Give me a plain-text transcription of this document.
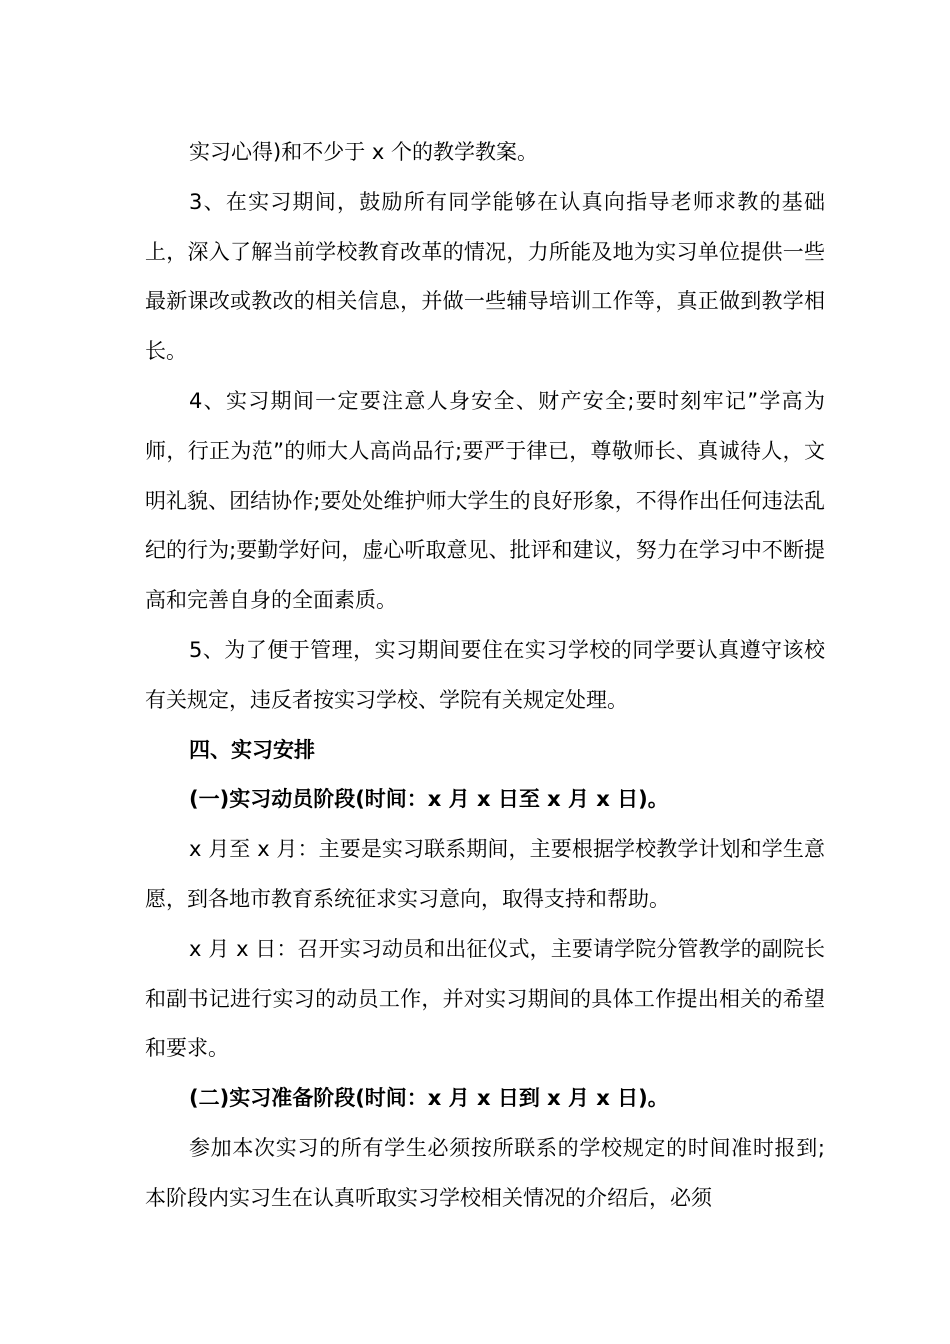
实习心得)和不少于 x 个的教学教案。

3、在实习期间，鼓励所有同学能够在认真向指导老师求教的基础上，深入了解当前学校教育改革的情况，力所能及地为实习单位提供一些最新课改或教改的相关信息，并做一些辅导培训工作等，真正做到教学相长。

4、实习期间一定要注意人身安全、财产安全;要时刻牢记”学高为师，行正为范”的师大人高尚品行;要严于律已，尊敬师长、真诚待人，文明礼貌、团结协作;要处处维护师大学生的良好形象，不得作出任何违法乱纪的行为;要勤学好问，虚心听取意见、批评和建议，努力在学习中不断提高和完善自身的全面素质。

5、为了便于管理，实习期间要住在实习学校的同学要认真遵守该校有关规定，违反者按实习学校、学院有关规定处理。

四、实习安排

(一)实习动员阶段(时间：x 月 x 日至 x 月 x 日)。

x 月至 x 月：主要是实习联系期间，主要根据学校教学计划和学生意愿，到各地市教育系统征求实习意向，取得支持和帮助。

x 月 x 日：召开实习动员和出征仪式，主要请学院分管教学的副院长和副书记进行实习的动员工作，并对实习期间的具体工作提出相关的希望和要求。

(二)实习准备阶段(时间：x 月 x 日到 x 月 x 日)。

参加本次实习的所有学生必须按所联系的学校规定的时间准时报到;本阶段内实习生在认真听取实习学校相关情况的介绍后，必须
